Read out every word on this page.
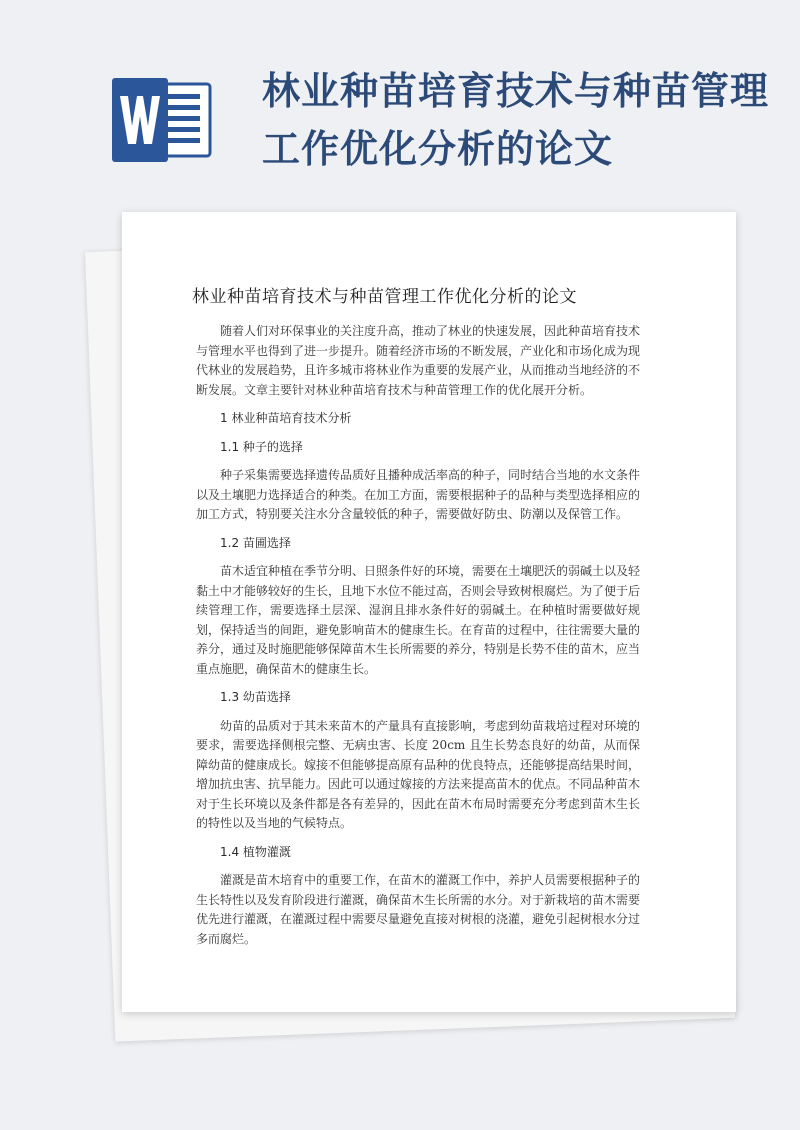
林业种苗培育技术与种苗管理
工作优化分析的论文
林业种苗培育技术与种苗管理工作优化分析的论文

随着人们对环保事业的关注度升高，推动了林业的快速发展，因此种苗培育技术与管理水平也得到了进一步提升。随着经济市场的不断发展，产业化和市场化成为现代林业的发展趋势，且许多城市将林业作为重要的发展产业，从而推动当地经济的不断发展。文章主要针对林业种苗培育技术与种苗管理工作的优化展开分析。

1 林业种苗培育技术分析
1.1 种子的选择

种子采集需要选择遗传品质好且播种成活率高的种子，同时结合当地的水文条件以及土壤肥力选择适合的种类。在加工方面，需要根据种子的品种与类型选择相应的加工方式，特别要关注水分含量较低的种子，需要做好防虫、防潮以及保管工作。

1.2 苗圃选择

苗木适宜种植在季节分明、日照条件好的环境，需要在土壤肥沃的弱碱土以及轻黏土中才能够较好的生长，且地下水位不能过高，否则会导致树根腐烂。为了便于后续管理工作，需要选择土层深、湿润且排水条件好的弱碱土。在种植时需要做好规划，保持适当的间距，避免影响苗木的健康生长。在育苗的过程中，往往需要大量的养分，通过及时施肥能够保障苗木生长所需要的养分，特别是长势不佳的苗木，应当重点施肥，确保苗木的健康生长。

1.3 幼苗选择

幼苗的品质对于其未来苗木的产量具有直接影响，考虑到幼苗栽培过程对环境的要求，需要选择侧根完整、无病虫害、长度 20cm 且生长势态良好的幼苗，从而保障幼苗的健康成长。嫁接不但能够提高原有品种的优良特点，还能够提高结果时间，增加抗虫害、抗旱能力。因此可以通过嫁接的方法来提高苗木的优点。不同品种苗木对于生长环境以及条件都是各有差异的，因此在苗木布局时需要充分考虑到苗木生长的特性以及当地的气候特点。

1.4 植物灌溉

灌溉是苗木培育中的重要工作，在苗木的灌溉工作中，养护人员需要根据种子的生长特性以及发育阶段进行灌溉，确保苗木生长所需的水分。对于新栽培的苗木需要优先进行灌溉，在灌溉过程中需要尽量避免直接对树根的浇灌，避免引起树根水分过多而腐烂。
